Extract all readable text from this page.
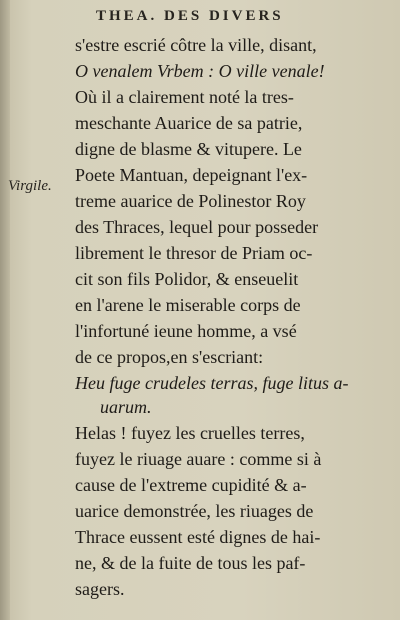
THEA. DES DIVERS
Virgile.
s'estre escrié côtre la ville, disant,
O venalem Vrbem : O ville venale!
Où il a clairement noté la tres-
meschante Auarice de sa patrie,
digne de blasme & vitupere. Le
Poete Mantuan, depeignant l'ex-
treme auarice de Polinestor Roy
des Thraces, lequel pour posseder
librement le thresor de Priam oc-
cit son fils Polidor, & enseuelit
en l'arene le miserable corps de
l'infortuné ieune homme, a vsé
de ce propos,en s'escriant:
Heu fuge crudeles terras, fuge litus a-
uarum.
Helas ! fuyez les cruelles terres,
fuyez le riuage auare : comme si à
cause de l'extreme cupidité & a-
uarice demonstrée, les riuages de
Thrace eussent esté dignes de hai-
ne, & de la fuite de tous les paf-
sagers.
